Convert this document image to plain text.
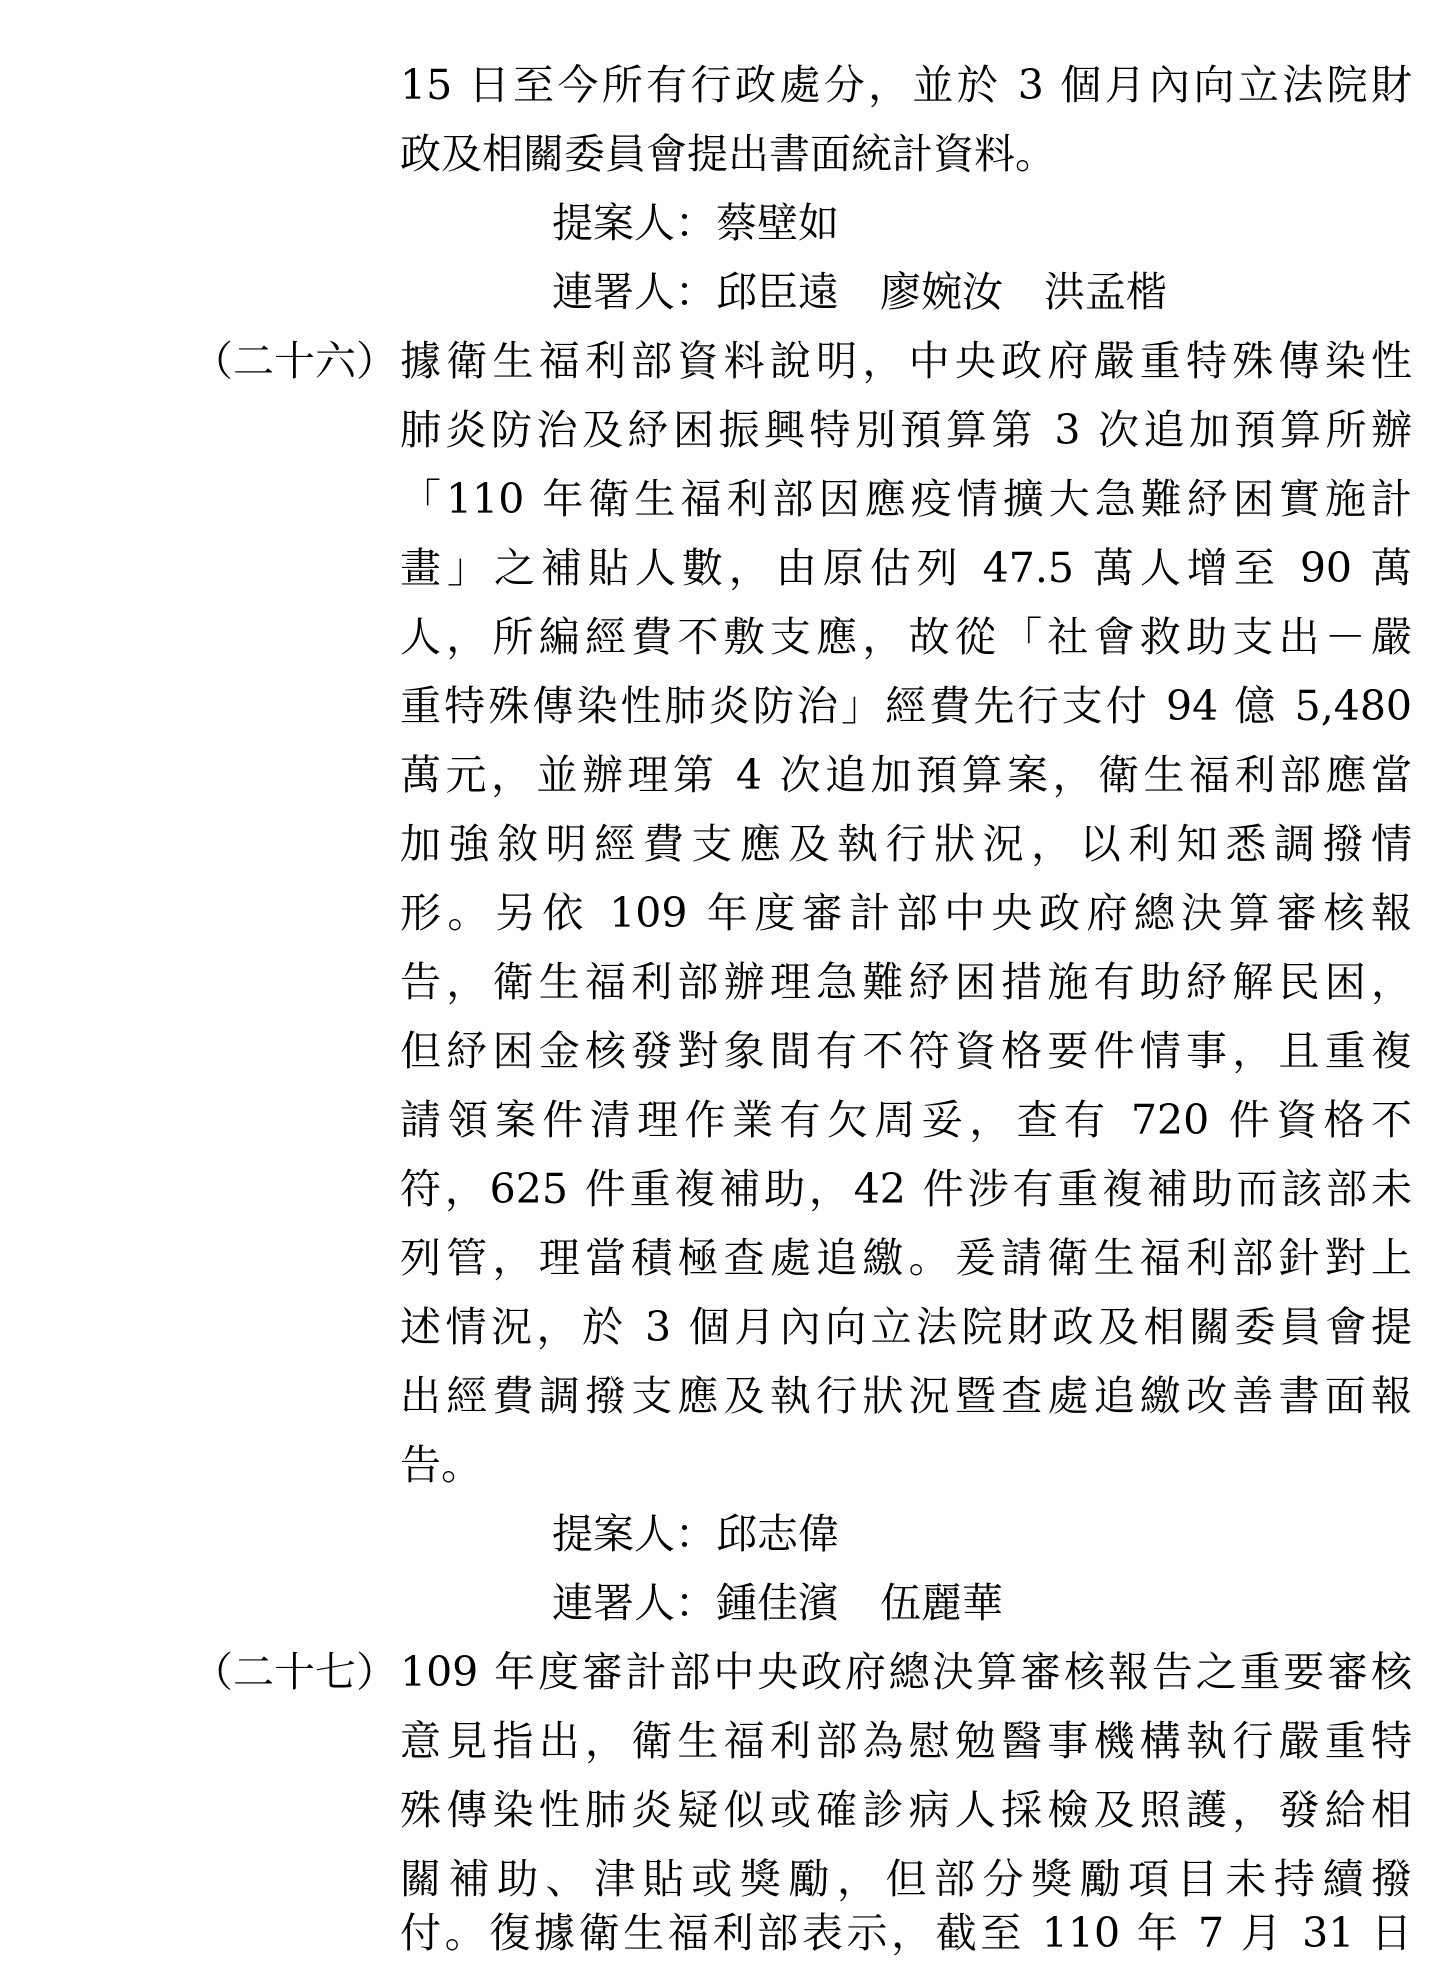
15 日至今所有行政處分，並於 3 個月內向立法院財
政及相關委員會提出書面統計資料。
提案人：蔡壁如
連署人：邱臣遠　廖婉汝　洪孟楷
（二十六） 據衛生福利部資料說明，中央政府嚴重特殊傳染性
肺炎防治及紓困振興特別預算第 3 次追加預算所辦
「110 年衛生福利部因應疫情擴大急難紓困實施計
畫」之補貼人數，由原估列 47.5 萬人增至 90 萬
人，所編經費不敷支應，故從「社會救助支出－嚴
重特殊傳染性肺炎防治」經費先行支付 94 億 5,480
萬元，並辦理第 4 次追加預算案，衛生福利部應當
加強敘明經費支應及執行狀況，以利知悉調撥情
形。另依 109 年度審計部中央政府總決算審核報
告，衛生福利部辦理急難紓困措施有助紓解民困，
但紓困金核發對象間有不符資格要件情事，且重複
請領案件清理作業有欠周妥，查有 720 件資格不
符，625 件重複補助，42 件涉有重複補助而該部未
列管，理當積極查處追繳。爰請衛生福利部針對上
述情況，於 3 個月內向立法院財政及相關委員會提
出經費調撥支應及執行狀況暨查處追繳改善書面報
告。
提案人：邱志偉
連署人：鍾佳濱　伍麗華
（二十七） 109 年度審計部中央政府總決算審核報告之重要審核
意見指出，衛生福利部為慰勉醫事機構執行嚴重特
殊傳染性肺炎疑似或確診病人採檢及照護，發給相
關補助、津貼或獎勵，但部分獎勵項目未持續撥
付。復據衛生福利部表示，截至 110 年 7 月 31 日
